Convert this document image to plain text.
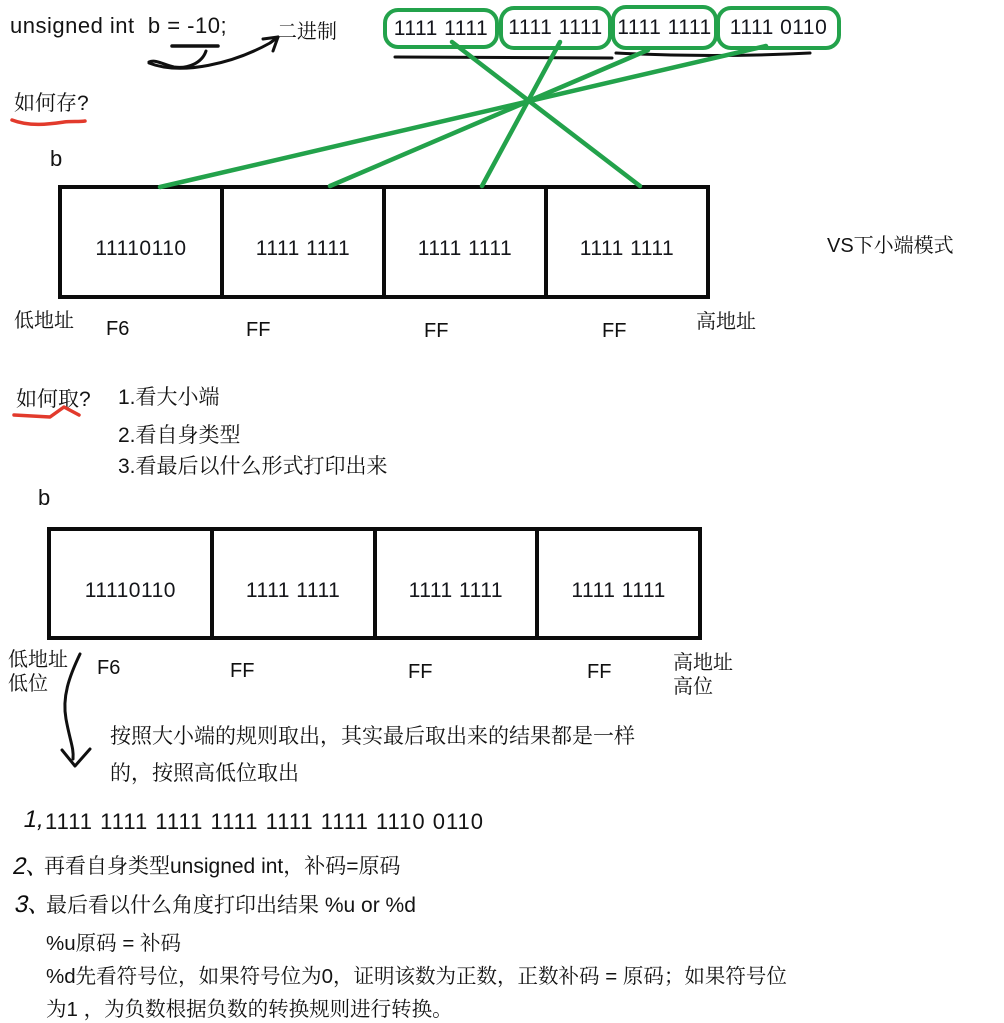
unsigned int  b = -10; 二进制	1111 1111 1111 1111 1111 1111 1111 0110
如何存?
b
11110110	1111 1111	1111 1111	1111 1111
低地址 F6	FF	FF	FF	高地址
VS下小端模式
如何取? 1.看大小端
2.看自身类型
3.看最后以什么形式打印出来
b
11110110	1111 1111	1111 1111	1111 1111
低地址
低位
F6	FF	FF	FF	高地址
高位
按照大小端的规则取出，其实最后取出来的结果都是一样
的，按照高低位取出
1,
1111 1111 1111 1111 1111 1111 1110 0110
2、
再看自身类型unsigned int，补码=原码
3、
最后看以什么角度打印出结果 %u or %d
%u原码 = 补码
%d先看符号位，如果符号位为0，证明该数为正数，正数补码 = 原码；如果符号位
为1 ，为负数根据负数的转换规则进行转换。
